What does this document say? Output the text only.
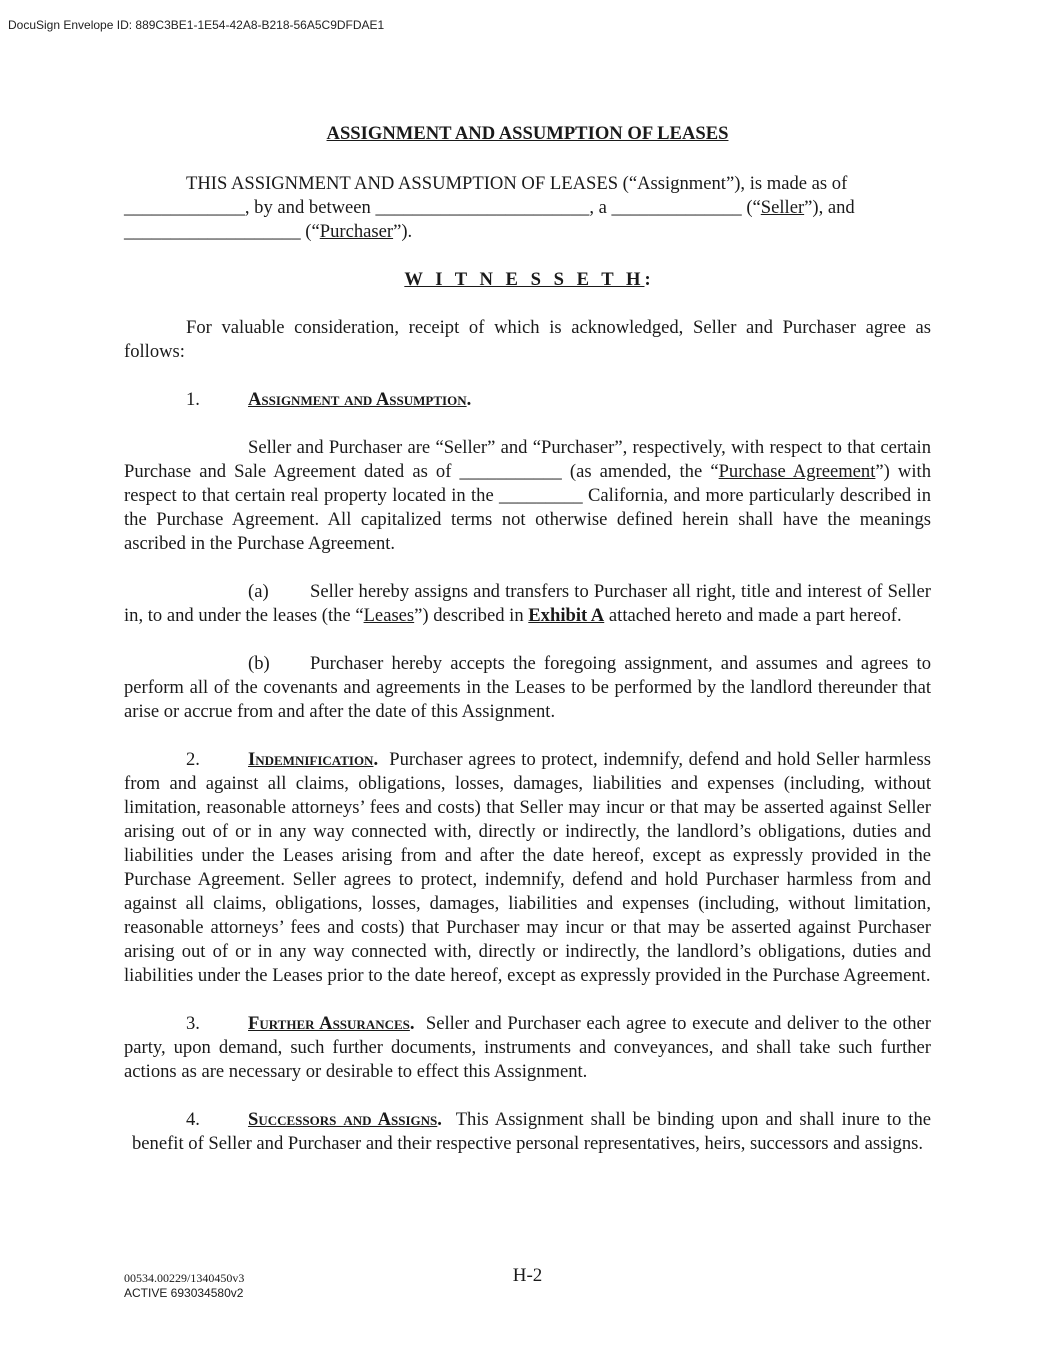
DocuSign Envelope ID: 889C3BE1-1E54-42A8-B218-56A5C9DFDAE1
ASSIGNMENT AND ASSUMPTION OF LEASES

THIS ASSIGNMENT AND ASSUMPTION OF LEASES (“Assignment”), is made as of
_____________, by and between _______________________, a ______________ (“Seller”), and
___________________ (“Purchaser”).

W I T N E S S E T H:

For valuable consideration, receipt of which is acknowledged, Seller and Purchaser agree as follows:

1.	Assignment and Assumption.

Seller and Purchaser are “Seller” and “Purchaser”, respectively, with respect to that certain Purchase and Sale Agreement dated as of ___________ (as amended, the “Purchase Agreement”) with respect to that certain real property located in the _________ California, and more particularly described in the Purchase Agreement. All capitalized terms not otherwise defined herein shall have the meanings ascribed in the Purchase Agreement.

(a) Seller hereby assigns and transfers to Purchaser all right, title and interest of Seller in, to and under the leases (the “Leases”) described in Exhibit A attached hereto and made a part hereof.

(b) Purchaser hereby accepts the foregoing assignment, and assumes and agrees to perform all of the covenants and agreements in the Leases to be performed by the landlord thereunder that arise or accrue from and after the date of this Assignment.

2.	Indemnification. Purchaser agrees to protect, indemnify, defend and hold Seller harmless from and against all claims, obligations, losses, damages, liabilities and expenses (including, without limitation, reasonable attorneys’ fees and costs) that Seller may incur or that may be asserted against Seller arising out of or in any way connected with, directly or indirectly, the landlord’s obligations, duties and liabilities under the Leases arising from and after the date hereof, except as expressly provided in the Purchase Agreement. Seller agrees to protect, indemnify, defend and hold Purchaser harmless from and against all claims, obligations, losses, damages, liabilities and expenses (including, without limitation, reasonable attorneys’ fees and costs) that Purchaser may incur or that may be asserted against Purchaser arising out of or in any way connected with, directly or indirectly, the landlord’s obligations, duties and liabilities under the Leases prior to the date hereof, except as expressly provided in the Purchase Agreement.

3.	Further Assurances. Seller and Purchaser each agree to execute and deliver to the other party, upon demand, such further documents, instruments and conveyances, and shall take such further actions as are necessary or desirable to effect this Assignment.

4.	Successors and Assigns. This Assignment shall be binding upon and shall inure to the benefit of Seller and Purchaser and their respective personal representatives, heirs, successors and assigns.

00534.00229/1340450v3
ACTIVE 693034580v2
H-2
